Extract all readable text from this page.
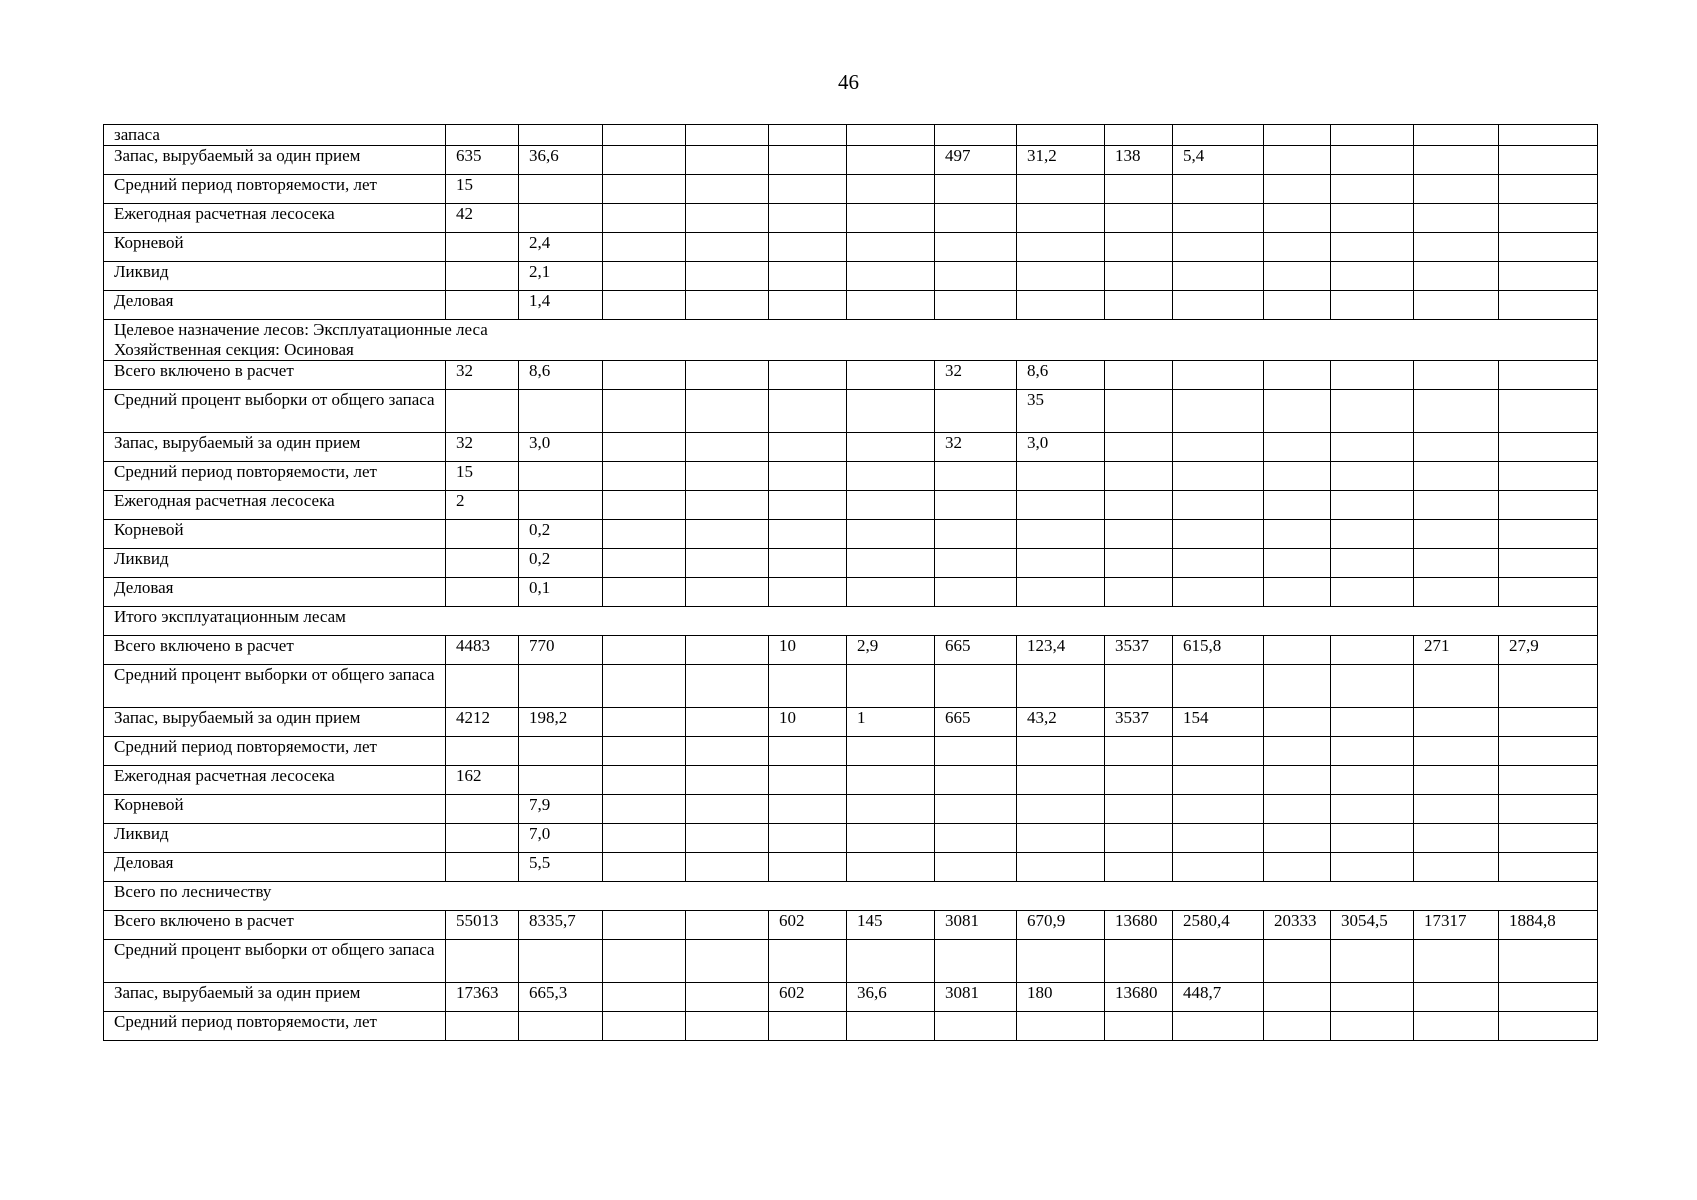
46
запаса														
Запас, вырубаемый за один прием	635	36,6					497	31,2	138	5,4				
Средний период повторяемости, лет	15													
Ежегодная расчетная лесосека	42													
Корневой		2,4												
Ликвид		2,1												
Деловая		1,4												

Целевое назначение лесов: Эксплуатационные леса
Хозяйственная секция: Осиновая														

Всего включено в расчет	32	8,6					32	8,6						
Средний процент выборки от общего запаса								35						
Запас, вырубаемый за один прием	32	3,0					32	3,0						
Средний период повторяемости, лет	15													
Ежегодная расчетная лесосека	2													
Корневой		0,2												
Ликвид		0,2												
Деловая		0,1												

Итого эксплуатационным лесам														

Всего включено в расчет	4483	770			10	2,9	665	123,4	3537	615,8			271	27,9
Средний процент выборки от общего запаса														
Запас, вырубаемый за один прием	4212	198,2			10	1	665	43,2	3537	154				
Средний период повторяемости, лет														
Ежегодная расчетная лесосека	162													
Корневой		7,9												
Ликвид		7,0												
Деловая		5,5												

Всего по лесничеству														

Всего включено в расчет	55013	8335,7			602	145	3081	670,9	13680	2580,4	20333	3054,5	17317	1884,8
Средний процент выборки от общего запаса														
Запас, вырубаемый за один прием	17363	665,3			602	36,6	3081	180	13680	448,7				
Средний период повторяемости, лет														
